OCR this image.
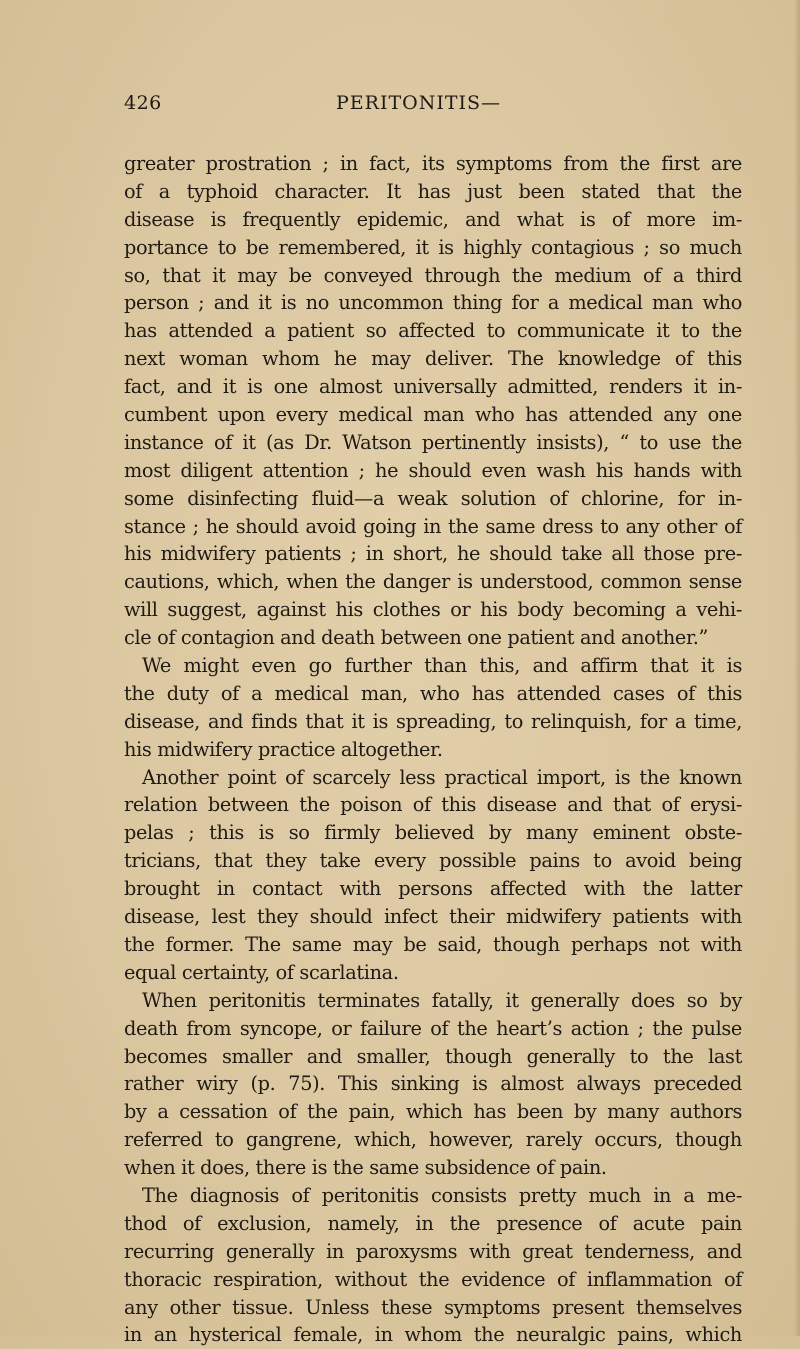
426	PERITONITIS—
greater prostration ; in fact, its symptoms from the first are
of a typhoid character. It has just been stated that the
disease is frequently epidemic, and what is of more im-
portance to be remembered, it is highly contagious ; so much
so, that it may be conveyed through the medium of a third
person ; and it is no uncommon thing for a medical man who
has attended a patient so affected to communicate it to the
next woman whom he may deliver. The knowledge of this
fact, and it is one almost universally admitted, renders it in-
cumbent upon every medical man who has attended any one
instance of it (as Dr. Watson pertinently insists), “ to use the
most diligent attention ; he should even wash his hands with
some disinfecting fluid—a weak solution of chlorine, for in-
stance ; he should avoid going in the same dress to any other of
his midwifery patients ; in short, he should take all those pre-
cautions, which, when the danger is understood, common sense
will suggest, against his clothes or his body becoming a vehi-
cle of contagion and death between one patient and another.”
We might even go further than this, and affirm that it is
the duty of a medical man, who has attended cases of this
disease, and finds that it is spreading, to relinquish, for a time,
his midwifery practice altogether.
Another point of scarcely less practical import, is the known
relation between the poison of this disease and that of erysi-
pelas ; this is so firmly believed by many eminent obste-
tricians, that they take every possible pains to avoid being
brought in contact with persons affected with the latter
disease, lest they should infect their midwifery patients with
the former. The same may be said, though perhaps not with
equal certainty, of scarlatina.
When peritonitis terminates fatally, it generally does so by
death from syncope, or failure of the heart’s action ; the pulse
becomes smaller and smaller, though generally to the last
rather wiry (p. 75). This sinking is almost always preceded
by a cessation of the pain, which has been by many authors
referred to gangrene, which, however, rarely occurs, though
when it does, there is the same subsidence of pain.
The diagnosis of peritonitis consists pretty much in a me-
thod of exclusion, namely, in the presence of acute pain
recurring generally in paroxysms with great tenderness, and
thoracic respiration, without the evidence of inflammation of
any other tissue. Unless these symptoms present themselves
in an hysterical female, in whom the neuralgic pains, which
